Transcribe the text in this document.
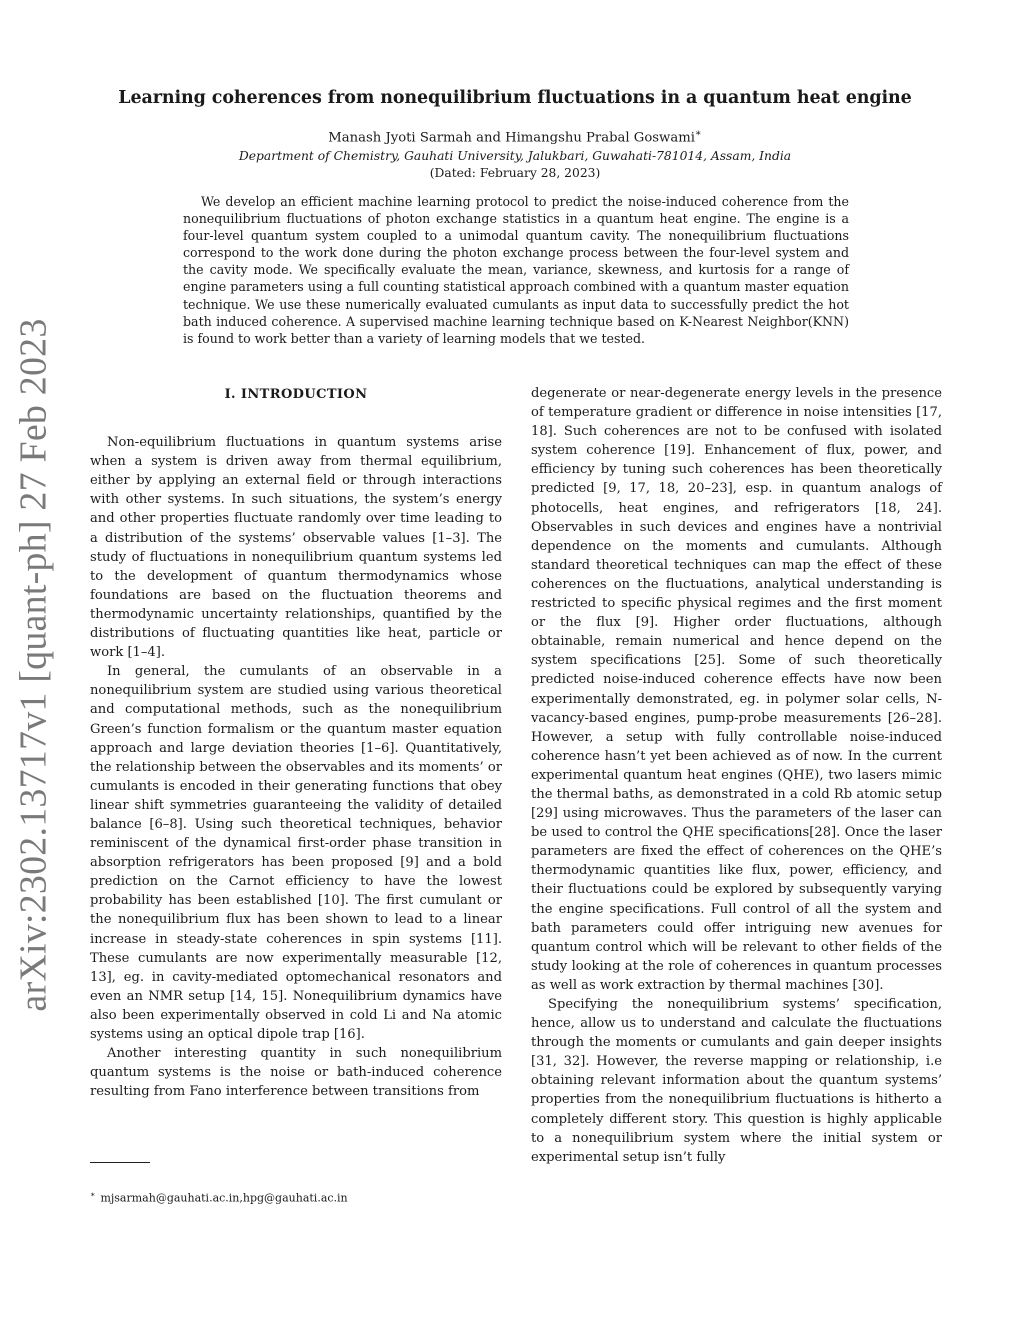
arXiv:2302.13717v1 [quant-ph] 27 Feb 2023
Learning coherences from nonequilibrium fluctuations in a quantum heat engine
Manash Jyoti Sarmah and Himangshu Prabal Goswami∗
Department of Chemistry, Gauhati University, Jalukbari, Guwahati-781014, Assam, India
(Dated: February 28, 2023)
We develop an efficient machine learning protocol to predict the noise-induced coherence from the nonequilibrium fluctuations of photon exchange statistics in a quantum heat engine. The engine is a four-level quantum system coupled to a unimodal quantum cavity. The nonequilibrium fluctuations correspond to the work done during the photon exchange process between the four-level system and the cavity mode. We specifically evaluate the mean, variance, skewness, and kurtosis for a range of engine parameters using a full counting statistical approach combined with a quantum master equation technique. We use these numerically evaluated cumulants as input data to successfully predict the hot bath induced coherence. A supervised machine learning technique based on K-Nearest Neighbor(KNN) is found to work better than a variety of learning models that we tested.
I. INTRODUCTION

Non-equilibrium fluctuations in quantum systems arise when a system is driven away from thermal equilibrium, either by applying an external field or through interactions with other systems. In such situations, the system’s energy and other properties fluctuate randomly over time leading to a distribution of the systems’ observable values [1–3]. The study of fluctuations in nonequilibrium quantum systems led to the development of quantum thermodynamics whose foundations are based on the fluctuation theorems and thermodynamic uncertainty relationships, quantified by the distributions of fluctuating quantities like heat, particle or work [1–4].

In general, the cumulants of an observable in a nonequilibrium system are studied using various theoretical and computational methods, such as the nonequilibrium Green’s function formalism or the quantum master equation approach and large deviation theories [1–6]. Quantitatively, the relationship between the observables and its moments’ or cumulants is encoded in their generating functions that obey linear shift symmetries guaranteeing the validity of detailed balance [6–8]. Using such theoretical techniques, behavior reminiscent of the dynamical first-order phase transition in absorption refrigerators has been proposed [9] and a bold prediction on the Carnot efficiency to have the lowest probability has been established [10]. The first cumulant or the nonequilibrium flux has been shown to lead to a linear increase in steady-state coherences in spin systems [11]. These cumulants are now experimentally measurable [12, 13], eg. in cavity-mediated optomechanical resonators and even an NMR setup [14, 15]. Nonequilibrium dynamics have also been experimentally observed in cold Li and Na atomic systems using an optical dipole trap [16].

Another interesting quantity in such nonequilibrium quantum systems is the noise or bath-induced coherence resulting from Fano interference between transitions from

degenerate or near-degenerate energy levels in the presence of temperature gradient or difference in noise intensities [17, 18]. Such coherences are not to be confused with isolated system coherence [19]. Enhancement of flux, power, and efficiency by tuning such coherences has been theoretically predicted [9, 17, 18, 20–23], esp. in quantum analogs of photocells, heat engines, and refrigerators [18, 24]. Observables in such devices and engines have a nontrivial dependence on the moments and cumulants. Although standard theoretical techniques can map the effect of these coherences on the fluctuations, analytical understanding is restricted to specific physical regimes and the first moment or the flux [9]. Higher order fluctuations, although obtainable, remain numerical and hence depend on the system specifications [25]. Some of such theoretically predicted noise-induced coherence effects have now been experimentally demonstrated, eg. in polymer solar cells, N-vacancy-based engines, pump-probe measurements [26–28]. However, a setup with fully controllable noise-induced coherence hasn’t yet been achieved as of now. In the current experimental quantum heat engines (QHE), two lasers mimic the thermal baths, as demonstrated in a cold Rb atomic setup [29] using microwaves. Thus the parameters of the laser can be used to control the QHE specifications[28]. Once the laser parameters are fixed the effect of coherences on the QHE’s thermodynamic quantities like flux, power, efficiency, and their fluctuations could be explored by subsequently varying the engine specifications. Full control of all the system and bath parameters could offer intriguing new avenues for quantum control which will be relevant to other fields of the study looking at the role of coherences in quantum processes as well as work extraction by thermal machines [30].

Specifying the nonequilibrium systems’ specification, hence, allow us to understand and calculate the fluctuations through the moments or cumulants and gain deeper insights [31, 32]. However, the reverse mapping or relationship, i.e obtaining relevant information about the quantum systems’ properties from the nonequilibrium fluctuations is hitherto a completely different story. This question is highly applicable to a nonequilibrium system where the initial system or experimental setup isn’t fully

∗ mjsarmah@gauhati.ac.in,hpg@gauhati.ac.in
